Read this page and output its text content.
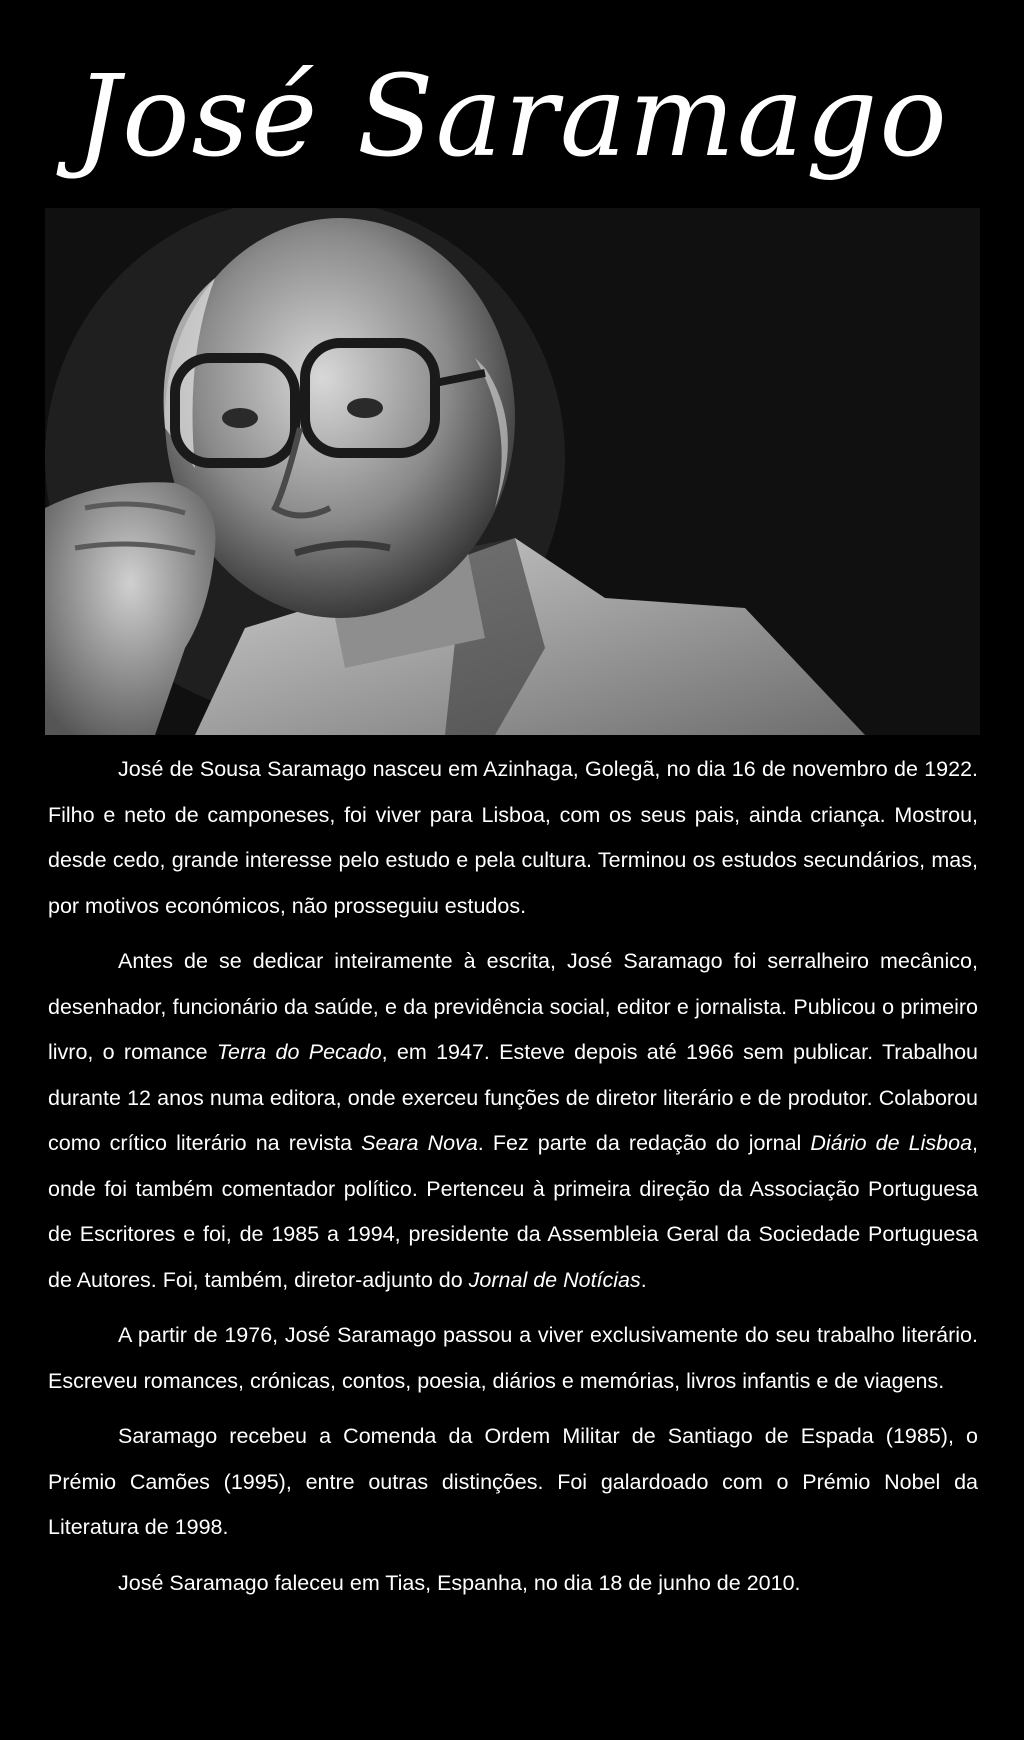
José Saramago

José de Sousa Saramago nasceu em Azinhaga, Golegã, no dia 16 de novembro de 1922. Filho e neto de camponeses, foi viver para Lisboa, com os seus pais, ainda criança. Mostrou, desde cedo, grande interesse pelo estudo e pela cultura. Terminou os estudos secundários, mas, por motivos económicos, não prosseguiu estudos.

Antes de se dedicar inteiramente à escrita, José Saramago foi serralheiro mecânico, desenhador, funcionário da saúde, e da previdência social, editor e jornalista. Publicou o primeiro livro, o romance Terra do Pecado, em 1947. Esteve depois até 1966 sem publicar. Trabalhou durante 12 anos numa editora, onde exerceu funções de diretor literário e de produtor. Colaborou como crítico literário na revista Seara Nova. Fez parte da redação do jornal Diário de Lisboa, onde foi também comentador político. Pertenceu à primeira direção da Associação Portuguesa de Escritores e foi, de 1985 a 1994, presidente da Assembleia Geral da Sociedade Portuguesa de Autores. Foi, também, diretor-adjunto do Jornal de Notícias.

A partir de 1976, José Saramago passou a viver exclusivamente do seu trabalho literário. Escreveu romances, crónicas, contos, poesia, diários e memórias, livros infantis e de viagens.

Saramago recebeu a Comenda da Ordem Militar de Santiago de Espada (1985), o Prémio Camões (1995), entre outras distinções. Foi galardoado com o Prémio Nobel da Literatura de 1998.

José Saramago faleceu em Tias, Espanha, no dia 18 de junho de 2010.
